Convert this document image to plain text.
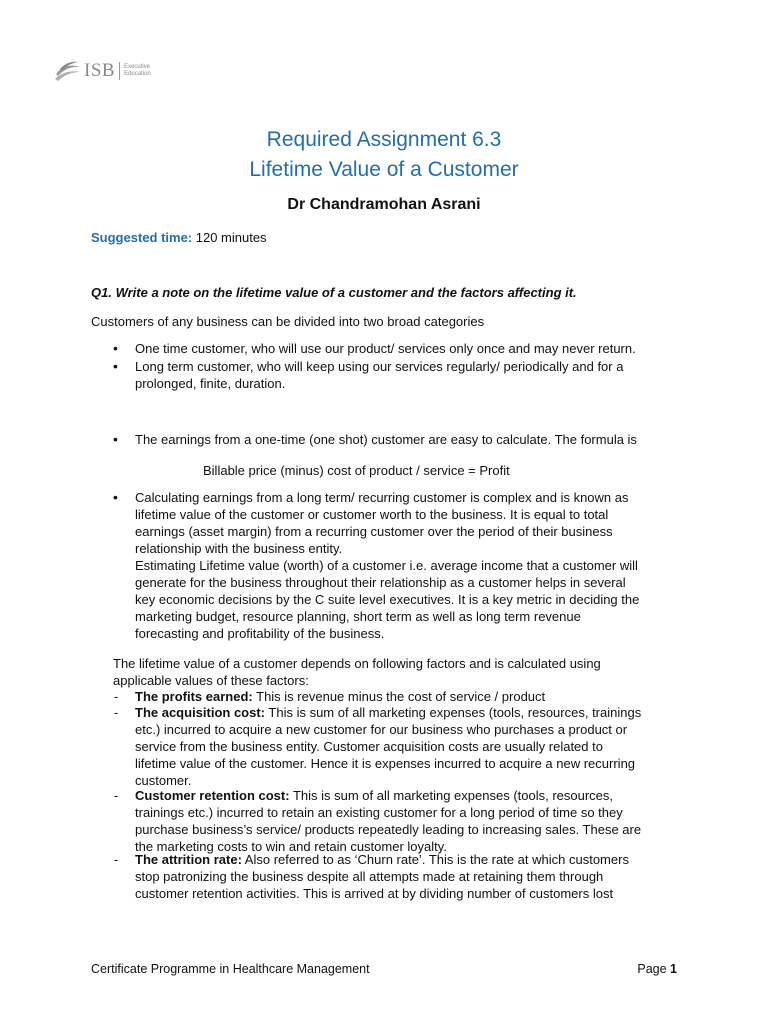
ISB Executive
Education
Required Assignment 6.3
Lifetime Value of a Customer
Dr Chandramohan Asrani
Suggested time: 120 minutes
Q1. Write a note on the lifetime value of a customer and the factors affecting it.
Customers of any business can be divided into two broad categories
• One time customer, who will use our product/ services only once and may never return.
• Long term customer, who will keep using our services regularly/ periodically and for a
prolonged, finite, duration.
• The earnings from a one-time (one shot) customer are easy to calculate. The formula is
Billable price (minus) cost of product / service = Profit
• Calculating earnings from a long term/ recurring customer is complex and is known as
lifetime value of the customer or customer worth to the business. It is equal to total
earnings (asset margin) from a recurring customer over the period of their business
relationship with the business entity.
Estimating Lifetime value (worth) of a customer i.e. average income that a customer will
generate for the business throughout their relationship as a customer helps in several
key economic decisions by the C suite level executives. It is a key metric in deciding the
marketing budget, resource planning, short term as well as long term revenue
forecasting and profitability of the business.
The lifetime value of a customer depends on following factors and is calculated using
applicable values of these factors:
- The profits earned: This is revenue minus the cost of service / product
- The acquisition cost: This is sum of all marketing expenses (tools, resources, trainings
etc.) incurred to acquire a new customer for our business who purchases a product or
service from the business entity. Customer acquisition costs are usually related to
lifetime value of the customer. Hence it is expenses incurred to acquire a new recurring
customer.
- Customer retention cost: This is sum of all marketing expenses (tools, resources,
trainings etc.) incurred to retain an existing customer for a long period of time so they
purchase business’s service/ products repeatedly leading to increasing sales. These are
the marketing costs to win and retain customer loyalty.
- The attrition rate: Also referred to as ‘Churn rate’. This is the rate at which customers
stop patronizing the business despite all attempts made at retaining them through
customer retention activities. This is arrived at by dividing number of customers lost
Certificate Programme in Healthcare Management	Page 1
